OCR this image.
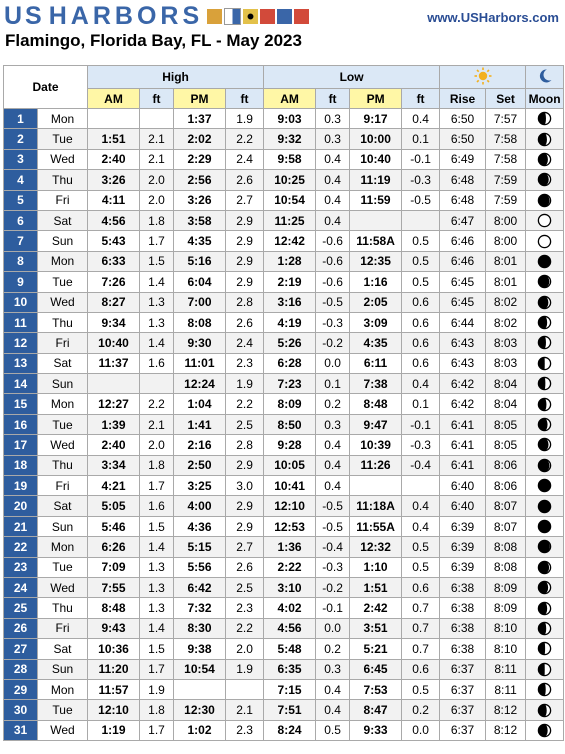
US HARBORS	www.USHarbors.com
Flamingo, Florida Bay, FL - May 2023
Date		High				Low		
		AM	ft	PM	ft	AM	ft	PM	ft	Rise	Set	Moon
1	Mon			1:37	1.9	9:03	0.3	9:17	0.4	6:50	7:57	

2	Tue	1:51	2.1	2:02	2.2	9:32	0.3	10:00	0.1	6:50	7:58	

3	Wed	2:40	2.1	2:29	2.4	9:58	0.4	10:40	-0.1	6:49	7:58	

4	Thu	3:26	2.0	2:56	2.6	10:25	0.4	11:19	-0.3	6:48	7:59	

5	Fri	4:11	2.0	3:26	2.7	10:54	0.4	11:59	-0.5	6:48	7:59	

6	Sat	4:56	1.8	3:58	2.9	11:25	0.4			6:47	8:00	

7	Sun	5:43	1.7	4:35	2.9	12:42	-0.6	11:58A	0.5	6:46	8:00	

8	Mon	6:33	1.5	5:16	2.9	1:28	-0.6	12:35	0.5	6:46	8:01	

9	Tue	7:26	1.4	6:04	2.9	2:19	-0.6	1:16	0.5	6:45	8:01	

10	Wed	8:27	1.3	7:00	2.8	3:16	-0.5	2:05	0.6	6:45	8:02	

11	Thu	9:34	1.3	8:08	2.6	4:19	-0.3	3:09	0.6	6:44	8:02	

12	Fri	10:40	1.4	9:30	2.4	5:26	-0.2	4:35	0.6	6:43	8:03	

13	Sat	11:37	1.6	11:01	2.3	6:28	0.0	6:11	0.6	6:43	8:03	

14	Sun			12:24	1.9	7:23	0.1	7:38	0.4	6:42	8:04	

15	Mon	12:27	2.2	1:04	2.2	8:09	0.2	8:48	0.1	6:42	8:04	

16	Tue	1:39	2.1	1:41	2.5	8:50	0.3	9:47	-0.1	6:41	8:05	

17	Wed	2:40	2.0	2:16	2.8	9:28	0.4	10:39	-0.3	6:41	8:05	

18	Thu	3:34	1.8	2:50	2.9	10:05	0.4	11:26	-0.4	6:41	8:06	

19	Fri	4:21	1.7	3:25	3.0	10:41	0.4			6:40	8:06	

20	Sat	5:05	1.6	4:00	2.9	12:10	-0.5	11:18A	0.4	6:40	8:07	

21	Sun	5:46	1.5	4:36	2.9	12:53	-0.5	11:55A	0.4	6:39	8:07	

22	Mon	6:26	1.4	5:15	2.7	1:36	-0.4	12:32	0.5	6:39	8:08	

23	Tue	7:09	1.3	5:56	2.6	2:22	-0.3	1:10	0.5	6:39	8:08	

24	Wed	7:55	1.3	6:42	2.5	3:10	-0.2	1:51	0.6	6:38	8:09	

25	Thu	8:48	1.3	7:32	2.3	4:02	-0.1	2:42	0.7	6:38	8:09	

26	Fri	9:43	1.4	8:30	2.2	4:56	0.0	3:51	0.7	6:38	8:10	

27	Sat	10:36	1.5	9:38	2.0	5:48	0.2	5:21	0.7	6:38	8:10	

28	Sun	11:20	1.7	10:54	1.9	6:35	0.3	6:45	0.6	6:37	8:11	

29	Mon	11:57	1.9			7:15	0.4	7:53	0.5	6:37	8:11	

30	Tue	12:10	1.8	12:30	2.1	7:51	0.4	8:47	0.2	6:37	8:12	

31	Wed	1:19	1.7	1:02	2.3	8:24	0.5	9:33	0.0	6:37	8:12	
